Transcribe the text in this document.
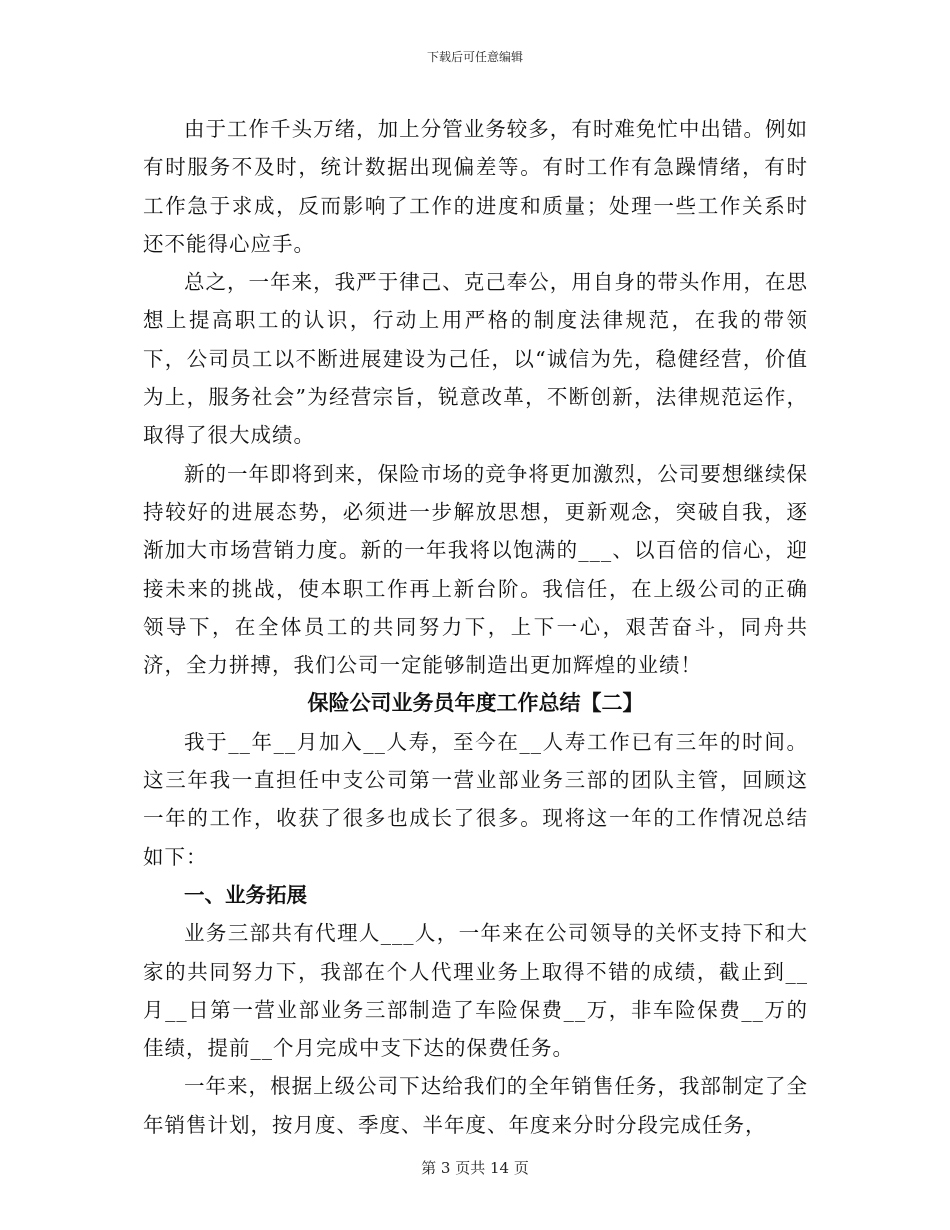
下载后可任意编辑

由于工作千头万绪，加上分管业务较多，有时难免忙中出错。例如有时服务不及时，统计数据出现偏差等。有时工作有急躁情绪，有时工作急于求成，反而影响了工作的进度和质量；处理一些工作关系时还不能得心应手。

总之，一年来，我严于律己、克己奉公，用自身的带头作用，在思想上提高职工的认识，行动上用严格的制度法律规范，在我的带领下，公司员工以不断进展建设为己任，以“诚信为先，稳健经营，价值为上，服务社会”为经营宗旨，锐意改革，不断创新，法律规范运作，取得了很大成绩。

新的一年即将到来，保险市场的竞争将更加激烈，公司要想继续保持较好的进展态势，必须进一步解放思想，更新观念，突破自我，逐渐加大市场营销力度。新的一年我将以饱满的___、以百倍的信心，迎接未来的挑战，使本职工作再上新台阶。我信任，在上级公司的正确领导下，在全体员工的共同努力下，上下一心，艰苦奋斗，同舟共济，全力拼搏，我们公司一定能够制造出更加辉煌的业绩！

保险公司业务员年度工作总结【二】

我于__年__月加入__人寿，至今在__人寿工作已有三年的时间。这三年我一直担任中支公司第一营业部业务三部的团队主管，回顾这一年的工作，收获了很多也成长了很多。现将这一年的工作情况总结如下：

一、业务拓展

业务三部共有代理人___人，一年来在公司领导的关怀支持下和大家的共同努力下，我部在个人代理业务上取得不错的成绩，截止到__月__日第一营业部业务三部制造了车险保费__万，非车险保费__万的佳绩，提前__个月完成中支下达的保费任务。

一年来，根据上级公司下达给我们的全年销售任务，我部制定了全年销售计划，按月度、季度、半年度、年度来分时分段完成任务，

第 3 页共 14 页
